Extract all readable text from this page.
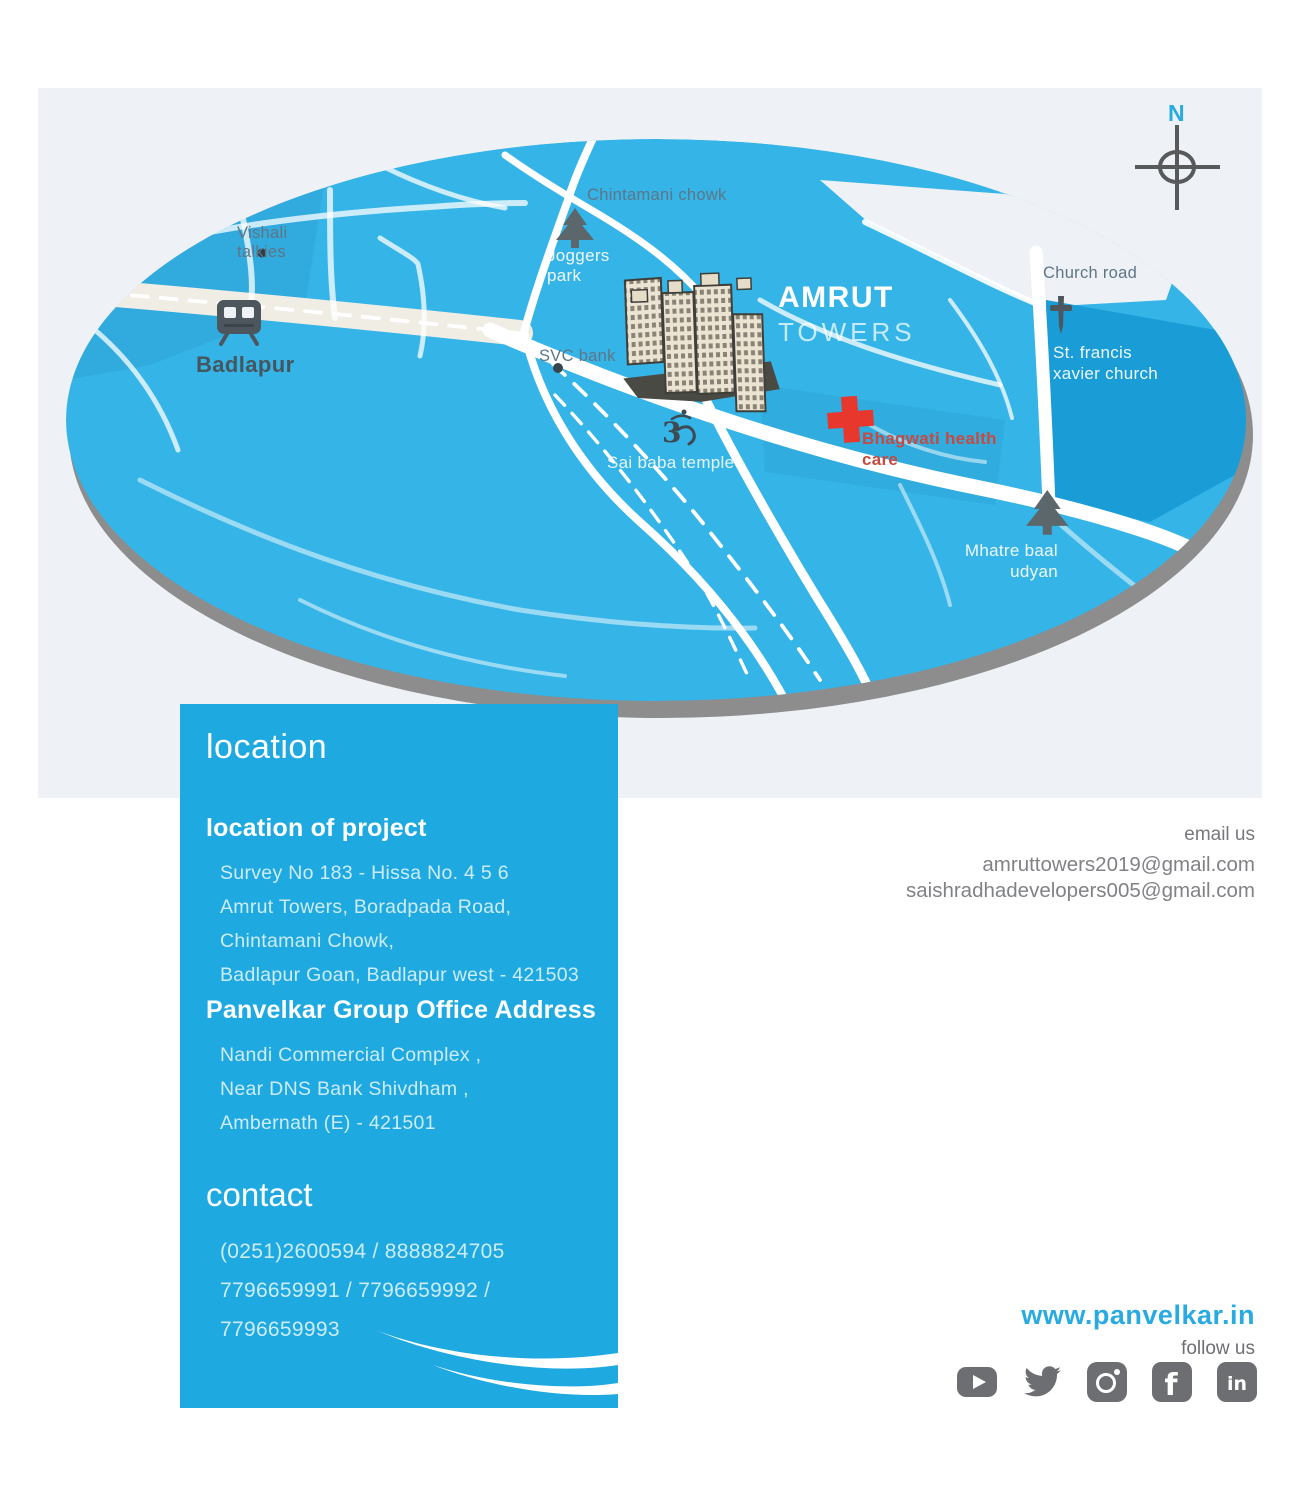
3
N
Vishali talkies
Badlapur
Chintamani chowk
Joggers park
SVC bank
Church road
St. francis xavier church
Bhagwati health care
Sai baba temple
Mhatre baal udyan
AMRUT
TOWERS
location
location of project
Survey No 183 - Hissa No. 4 5 6
Amrut Towers, Boradpada Road,
Chintamani Chowk,
Badlapur Goan, Badlapur west - 421503
Panvelkar Group Office Address
Nandi Commercial Complex ,
Near DNS Bank Shivdham ,
Ambernath (E) - 421501
contact
(0251)2600594 / 8888824705
7796659991 / 7796659992 /
7796659993
email us
amruttowers2019@gmail.com
saishradhadevelopers005@gmail.com
www.panvelkar.in
follow us
f	in
